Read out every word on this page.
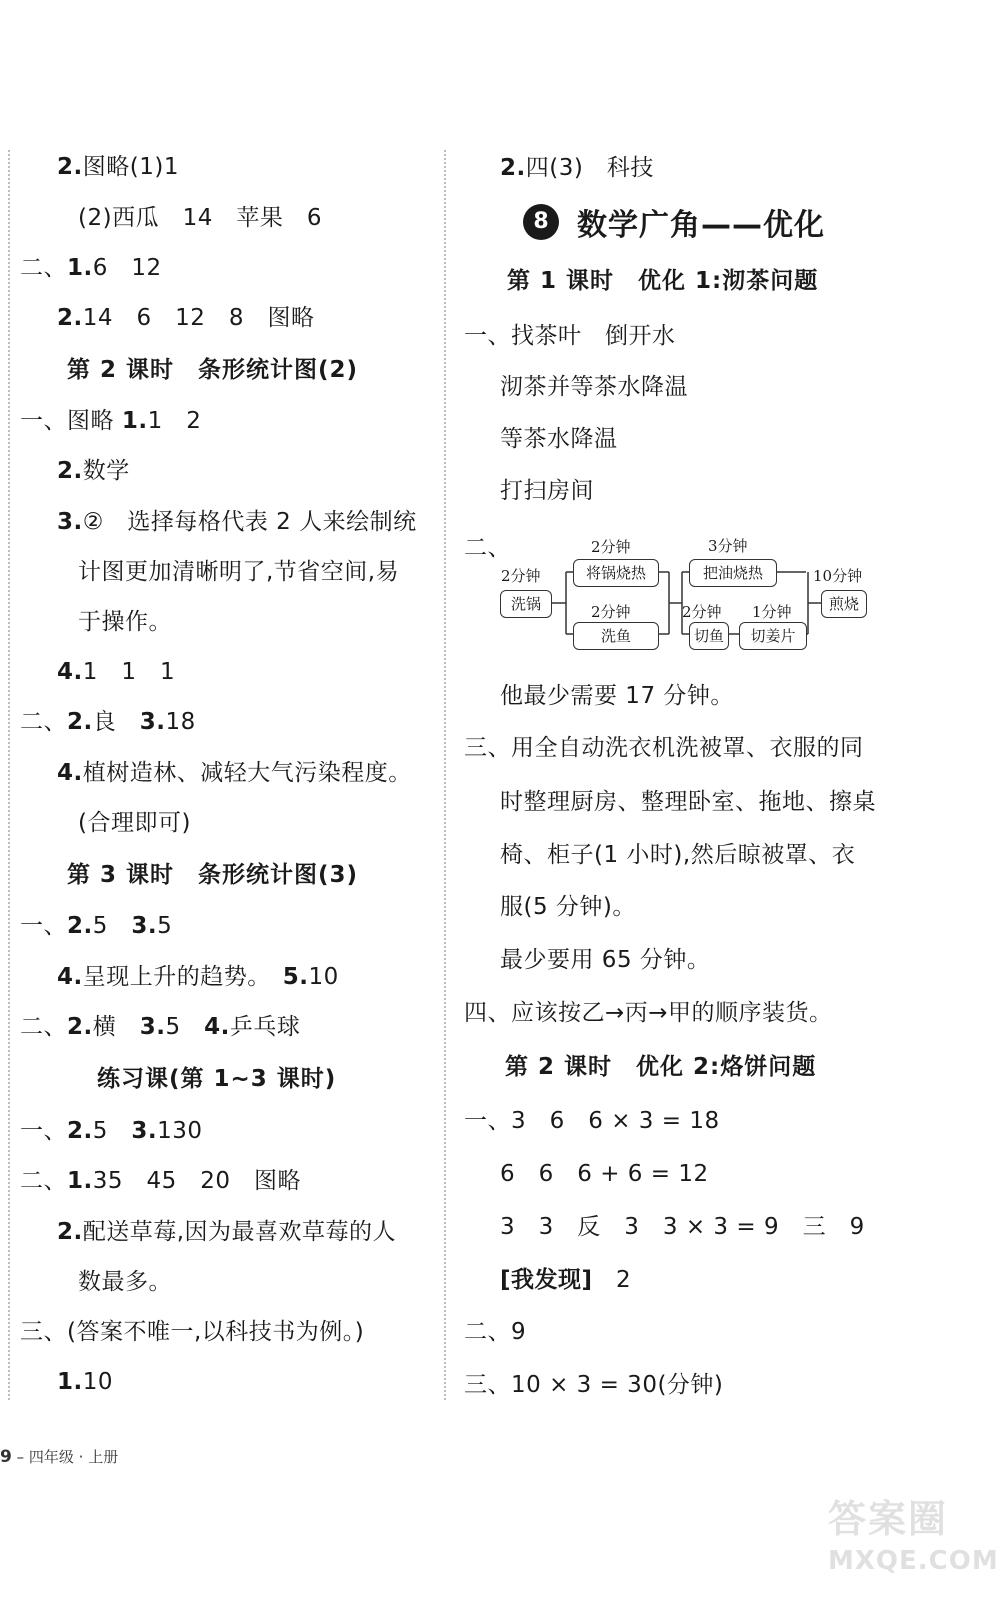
2.图略(1)1
(2)西瓜　14　苹果　6
二、1.6　12
2.14　6　12　8　图略
第 2 课时　条形统计图(2)
一、图略 1.1　2
2.数学
3.②　选择每格代表 2 人来绘制统
计图更加清晰明了,节省空间,易
于操作。
4.1　1　1
二、2.良　3.18
4.植树造林、减轻大气污染程度。
(合理即可)
第 3 课时　条形统计图(3)
一、2.5　3.5
4.呈现上升的趋势。　5.10
二、2.横　3.5　4.乒乓球
练习课(第 1~3 课时)
一、2.5　3.130
二、1.35　45　20　图略
2.配送草莓,因为最喜欢草莓的人
数最多。
三、(答案不唯一,以科技书为例。)
1.10
2.四(3)　科技
8 数学广角——优化
第 1 课时　优化 1:沏茶问题
一、找茶叶　倒开水
沏茶并等茶水降温
等茶水降温
打扫房间
二、
2分钟
洗锅
2分钟
将锅烧热
2分钟
洗鱼
3分钟
把油烧热
2分钟
切鱼
1分钟
切姜片
10分钟
煎烧
他最少需要 17 分钟。
三、用全自动洗衣机洗被罩、衣服的同
时整理厨房、整理卧室、拖地、擦桌
椅、柜子(1 小时),然后晾被罩、衣
服(5 分钟)。
最少要用 65 分钟。
四、应该按乙→丙→甲的顺序装货。
第 2 课时　优化 2:烙饼问题
一、3　6　6 × 3 = 18
6　6　6 + 6 = 12
3　3　反　3　3 × 3 = 9　三　9
[我发现]　2
二、9
三、10 × 3 = 30(分钟)
9 – 四年级 · 上册
答案圈
MXQE.COM
